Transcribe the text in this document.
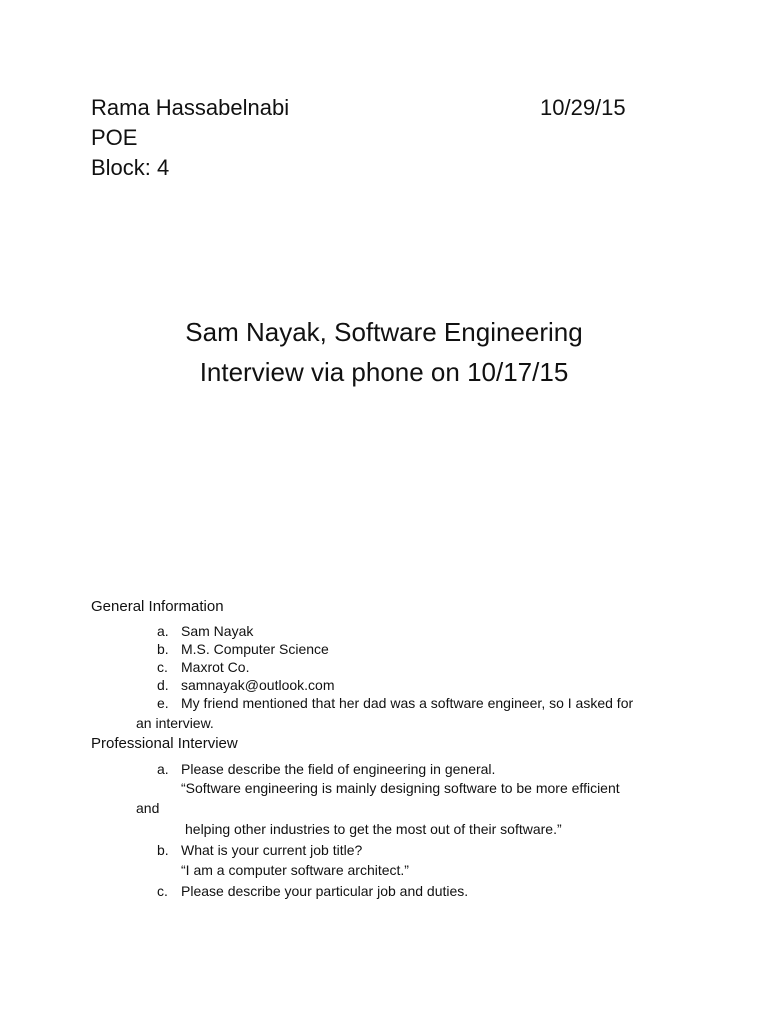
Rama Hassabelnabi	10/29/15
POE
Block: 4
Sam Nayak, Software Engineering
Interview via phone on 10/17/15
General Information
a. Sam Nayak
b. M.S. Computer Science
c. Maxrot Co.
d. samnayak@outlook.com
e. My friend mentioned that her dad was a software engineer, so I asked for
an interview.
Professional Interview
a. Please describe the field of engineering in general.
“Software engineering is mainly designing software to be more efficient
and
helping other industries to get the most out of their software.”
b. What is your current job title?
“I am a computer software architect.”
c. Please describe your particular job and duties.
